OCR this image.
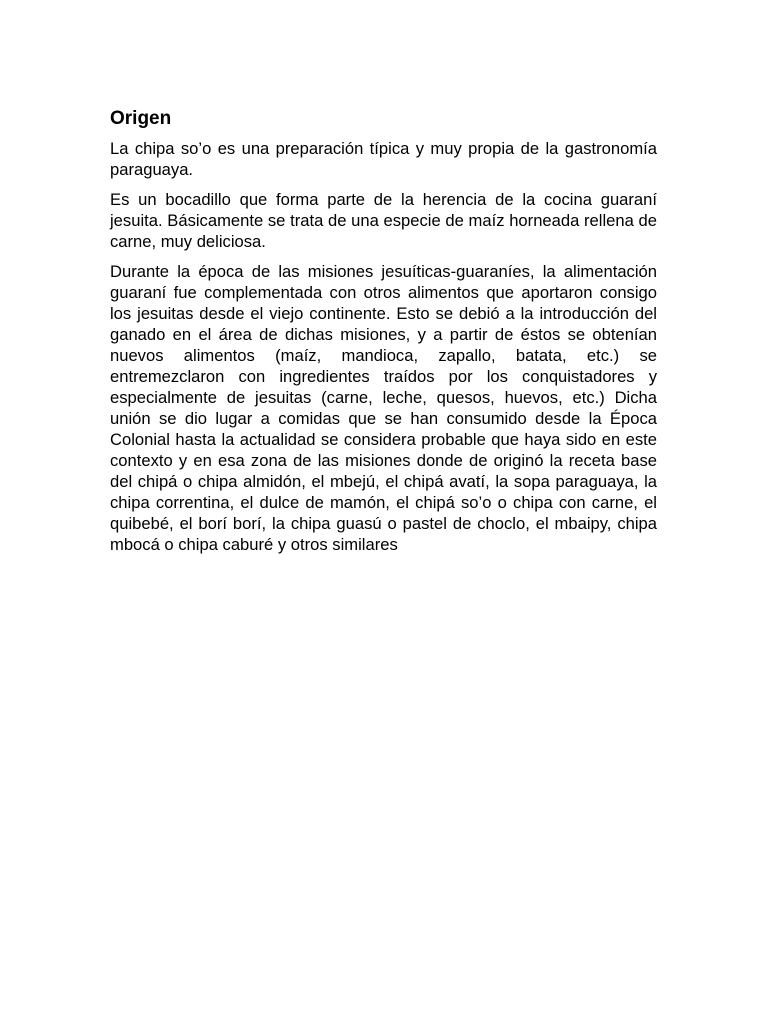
Origen

La chipa so’o es una preparación típica y muy propia de la gastronomía paraguaya.

Es un bocadillo que forma parte de la herencia de la cocina guaraní jesuita. Básicamente se trata de una especie de maíz horneada rellena de carne, muy deliciosa.

Durante la época de las misiones jesuíticas-guaraníes, la alimentación guaraní fue complementada con otros alimentos que aportaron consigo los jesuitas desde el viejo continente. Esto se debió a la introducción del ganado en el área de dichas misiones, y a partir de éstos se obtenían nuevos alimentos (maíz, mandioca, zapallo, batata, etc.) se entremezclaron con ingredientes traídos por los conquistadores y especialmente de jesuitas (carne, leche, quesos, huevos, etc.) Dicha unión se dio lugar a comidas que se han consumido desde la Época Colonial hasta la actualidad se considera probable que haya sido en este contexto y en esa zona de las misiones donde de originó la receta base del chipá o chipa almidón, el mbejú, el chipá avatí, la sopa paraguaya, la chipa correntina, el dulce de mamón, el chipá so’o o chipa con carne, el quibebé, el borí borí, la chipa guasú o pastel de choclo, el mbaipy, chipa mbocá o chipa caburé y otros similares
